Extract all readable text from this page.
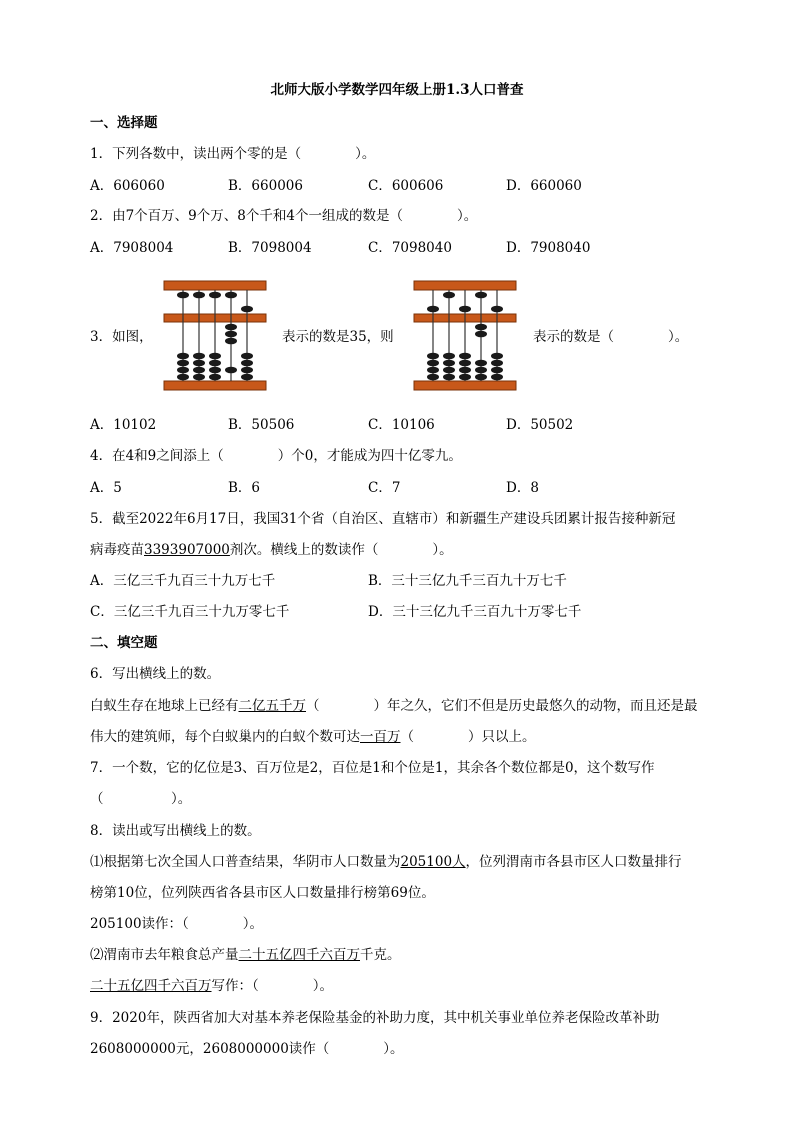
北师大版小学数学四年级上册1.3人口普查
一、选择题
1．下列各数中，读出两个零的是（　　　　）。
A．606060	B．660006	C．600606	D．660060
2．由7个百万、9个万、8个千和4个一组成的数是（　　　　）。
A．7908004	B．7098004	C．7098040	D．7908040
3．如图，	表示的数是35，则	表示的数是（　　　　）。
A．10102	B．50506	C．10106	D．50502
4．在4和9之间添上（　　　　）个0，才能成为四十亿零九。
A．5	B．6	C．7	D．8
5．截至2022年6月17日，我国31个省（自治区、直辖市）和新疆生产建设兵团累计报告接种新冠
病毒疫苗3393907000剂次。横线上的数读作（　　　　）。
A．三亿三千九百三十九万七千	B．三十三亿九千三百九十万七千
C．三亿三千九百三十九万零七千	D．三十三亿九千三百九十万零七千
二、填空题
6．写出横线上的数。
白蚁生存在地球上已经有二亿五千万（　　　　）年之久，它们不但是历史最悠久的动物，而且还是最
伟大的建筑师，每个白蚁巢内的白蚁个数可达一百万（　　　　）只以上。
7．一个数，它的亿位是3、百万位是2，百位是1和个位是1，其余各个数位都是0，这个数写作
（　　　　　）。
8．读出或写出横线上的数。
⑴根据第七次全国人口普查结果，华阴市人口数量为205100人，位列渭南市各县市区人口数量排行
榜第10位，位列陕西省各县市区人口数量排行榜第69位。
205100读作：（　　　　）。
⑵渭南市去年粮食总产量二十五亿四千六百万千克。
二十五亿四千六百万写作：（　　　　）。
9．2020年，陕西省加大对基本养老保险基金的补助力度，其中机关事业单位养老保险改革补助
2608000000元，2608000000读作（　　　　）。
